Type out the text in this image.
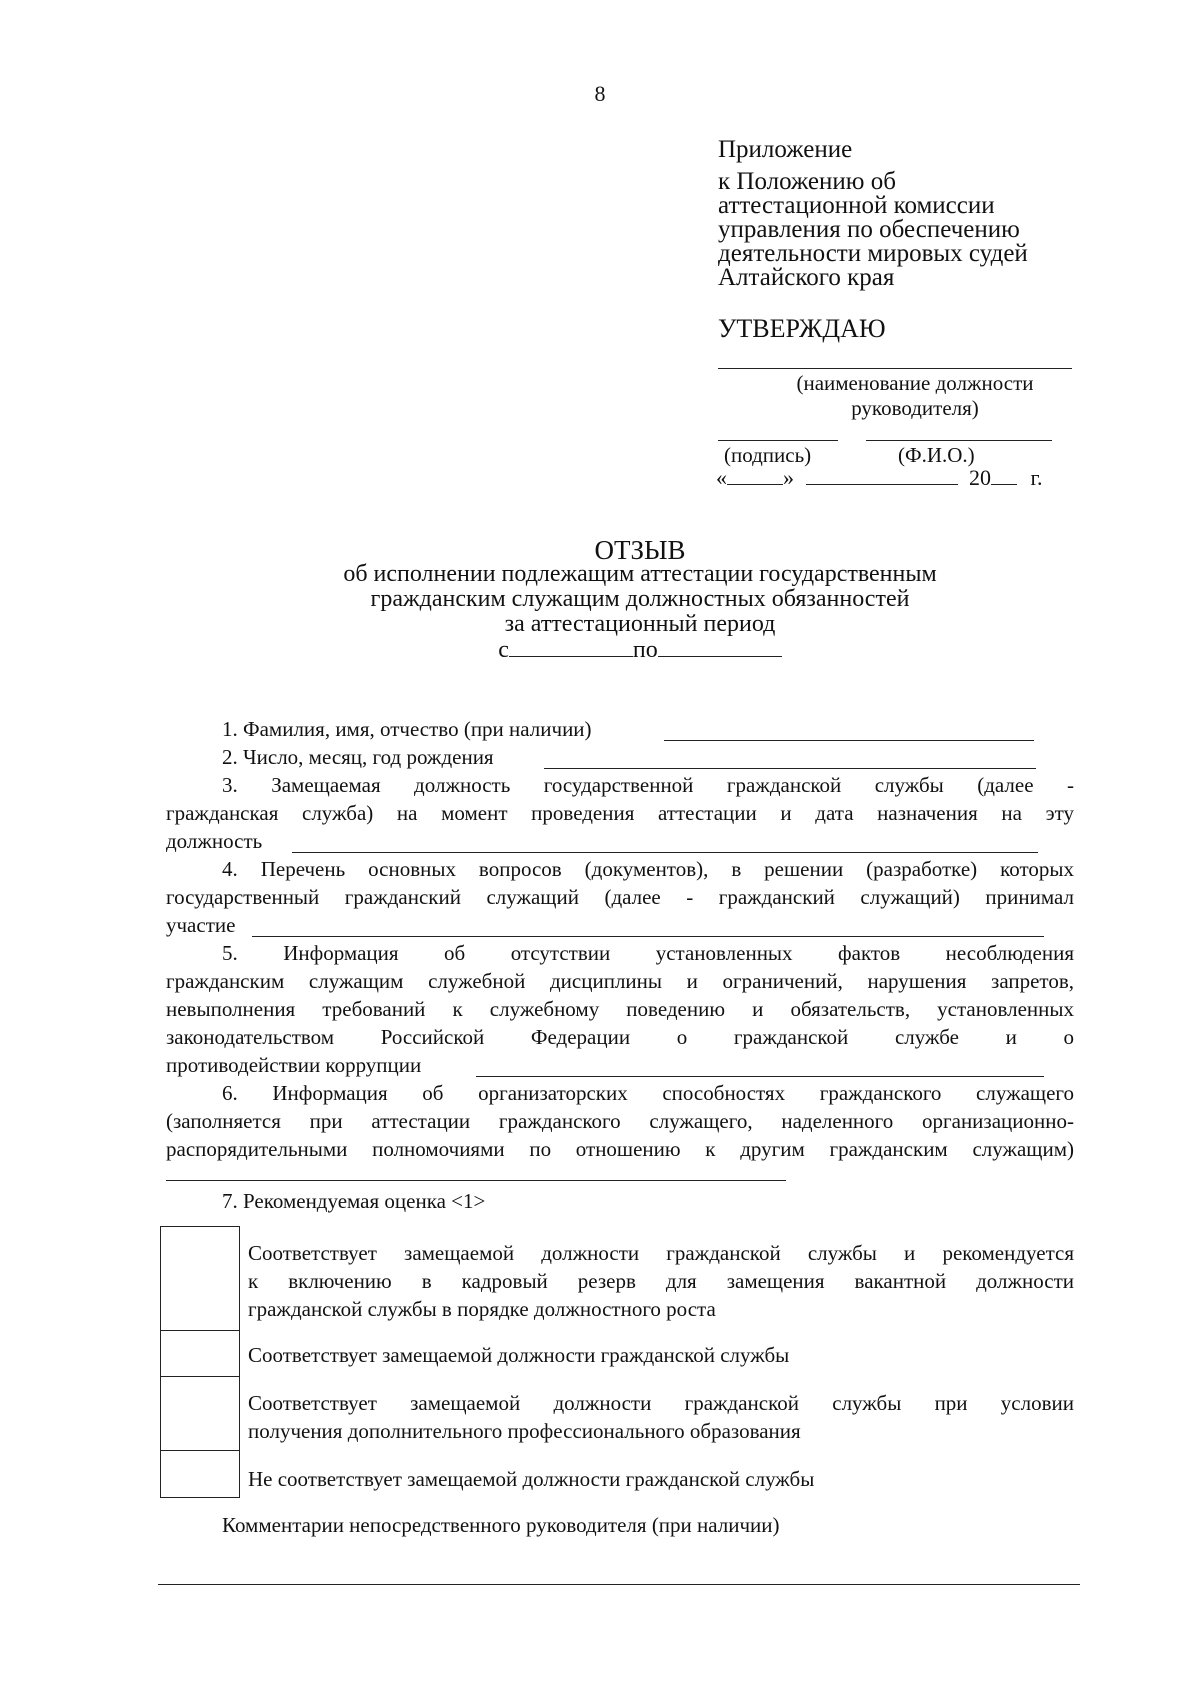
8
Приложение
к Положению об
аттестационной комиссии
управления по обеспечению
деятельности мировых судей
Алтайского края
УТВЕРЖДАЮ
(наименование должности
руководителя)
(подпись)	(Ф.И.О.)
«	»	20 г.
ОТЗЫВ
об исполнении подлежащим аттестации государственным
гражданским служащим должностных обязанностей
за аттестационный период
с	по
1. Фамилия, имя, отчество (при наличии)
2. Число, месяц, год рождения
3. Замещаемая должность государственной гражданской службы (далее -
гражданская служба) на момент проведения аттестации и дата назначения на эту
должность
4. Перечень основных вопросов (документов), в решении (разработке) которых
государственный гражданский служащий (далее - гражданский служащий) принимал
участие
5. Информация об отсутствии установленных фактов несоблюдения
гражданским служащим служебной дисциплины и ограничений, нарушения запретов,
невыполнения требований к служебному поведению и обязательств, установленных
законодательством Российской Федерации о гражданской службе и о
противодействии коррупции
6. Информация об организаторских способностях гражданского служащего
(заполняется при аттестации гражданского служащего, наделенного организационно-
распорядительными полномочиями по отношению к другим гражданским служащим)
7. Рекомендуемая оценка <1>
Соответствует замещаемой должности гражданской службы и рекомендуется
к включению в кадровый резерв для замещения вакантной должности
гражданской службы в порядке должностного роста
Соответствует замещаемой должности гражданской службы
Соответствует замещаемой должности гражданской службы при условии
получения дополнительного профессионального образования
Не соответствует замещаемой должности гражданской службы
Комментарии непосредственного руководителя (при наличии)
